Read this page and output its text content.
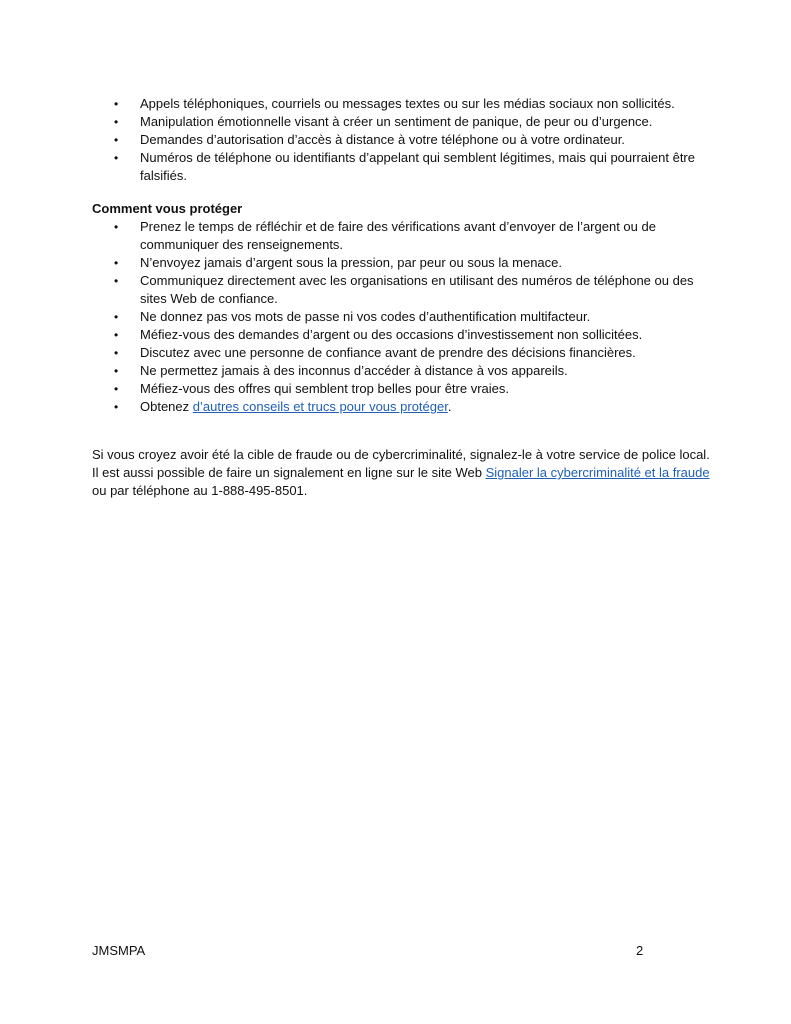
• Appels téléphoniques, courriels ou messages textes ou sur les médias sociaux non sollicités.
• Manipulation émotionnelle visant à créer un sentiment de panique, de peur ou d’urgence.
• Demandes d’autorisation d’accès à distance à votre téléphone ou à votre ordinateur.
• Numéros de téléphone ou identifiants d’appelant qui semblent légitimes, mais qui pourraient être falsifiés.

Comment vous protéger

• Prenez le temps de réfléchir et de faire des vérifications avant d’envoyer de l’argent ou de communiquer des renseignements.
• N’envoyez jamais d’argent sous la pression, par peur ou sous la menace.
• Communiquez directement avec les organisations en utilisant des numéros de téléphone ou des sites Web de confiance.
• Ne donnez pas vos mots de passe ni vos codes d’authentification multifacteur.
• Méfiez-vous des demandes d’argent ou des occasions d’investissement non sollicitées.
• Discutez avec une personne de confiance avant de prendre des décisions financières.
• Ne permettez jamais à des inconnus d’accéder à distance à vos appareils.
• Méfiez-vous des offres qui semblent trop belles pour être vraies.
• Obtenez d’autres conseils et trucs pour vous protéger.

Si vous croyez avoir été la cible de fraude ou de cybercriminalité, signalez-le à votre service de police local. Il est aussi possible de faire un signalement en ligne sur le site Web Signaler la cybercriminalité et la fraude ou par téléphone au 1-888-495-8501.

JMSMPA	2
